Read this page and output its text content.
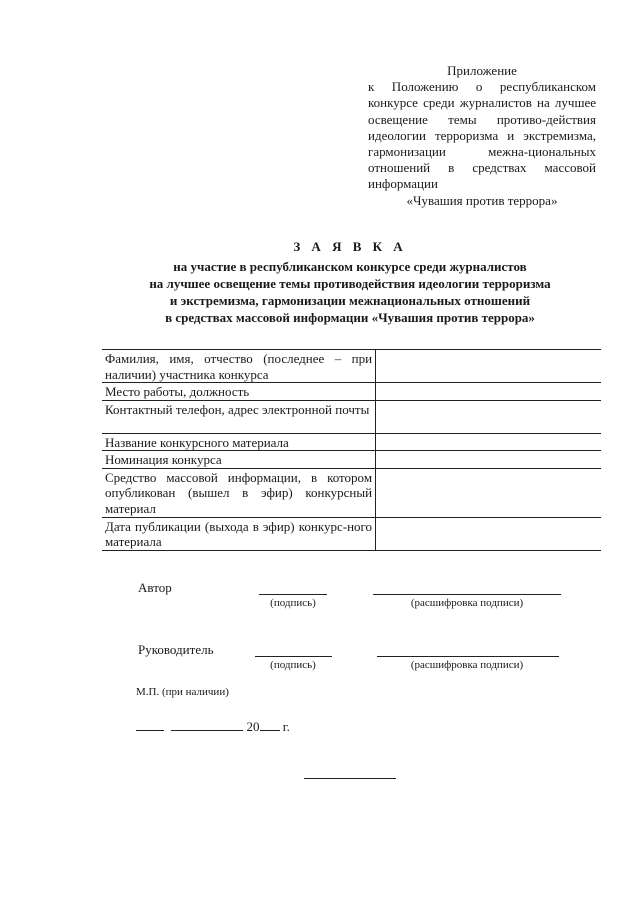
Приложение
к Положению о республиканском конкурсе среди журналистов на лучшее освещение темы противо-действия идеологии терроризма и экстремизма, гармонизации межна-циональных отношений в средствах массовой информации
«Чувашия против террора»
З А Я В К А
на участие в республиканском конкурсе среди журналистов
на лучшее освещение темы противодействия идеологии терроризма
и экстремизма, гармонизации межнациональных отношений
в средствах массовой информации «Чувашия против террора»
Фамилия, имя, отчество (последнее – при наличии) участника конкурса	
Место работы, должность	
Контактный телефон, адрес электронной почты	
Название конкурсного материала	
Номинация конкурса	
Средство массовой информации, в котором опубликован (вышел в эфир) конкурсный материал	
Дата публикации (выхода в эфир) конкурс-ного материала	
Автор
(подпись)	(расшифровка подписи)
Руководитель
(подпись)	(расшифровка подписи)
М.П. (при наличии)
20 г.
